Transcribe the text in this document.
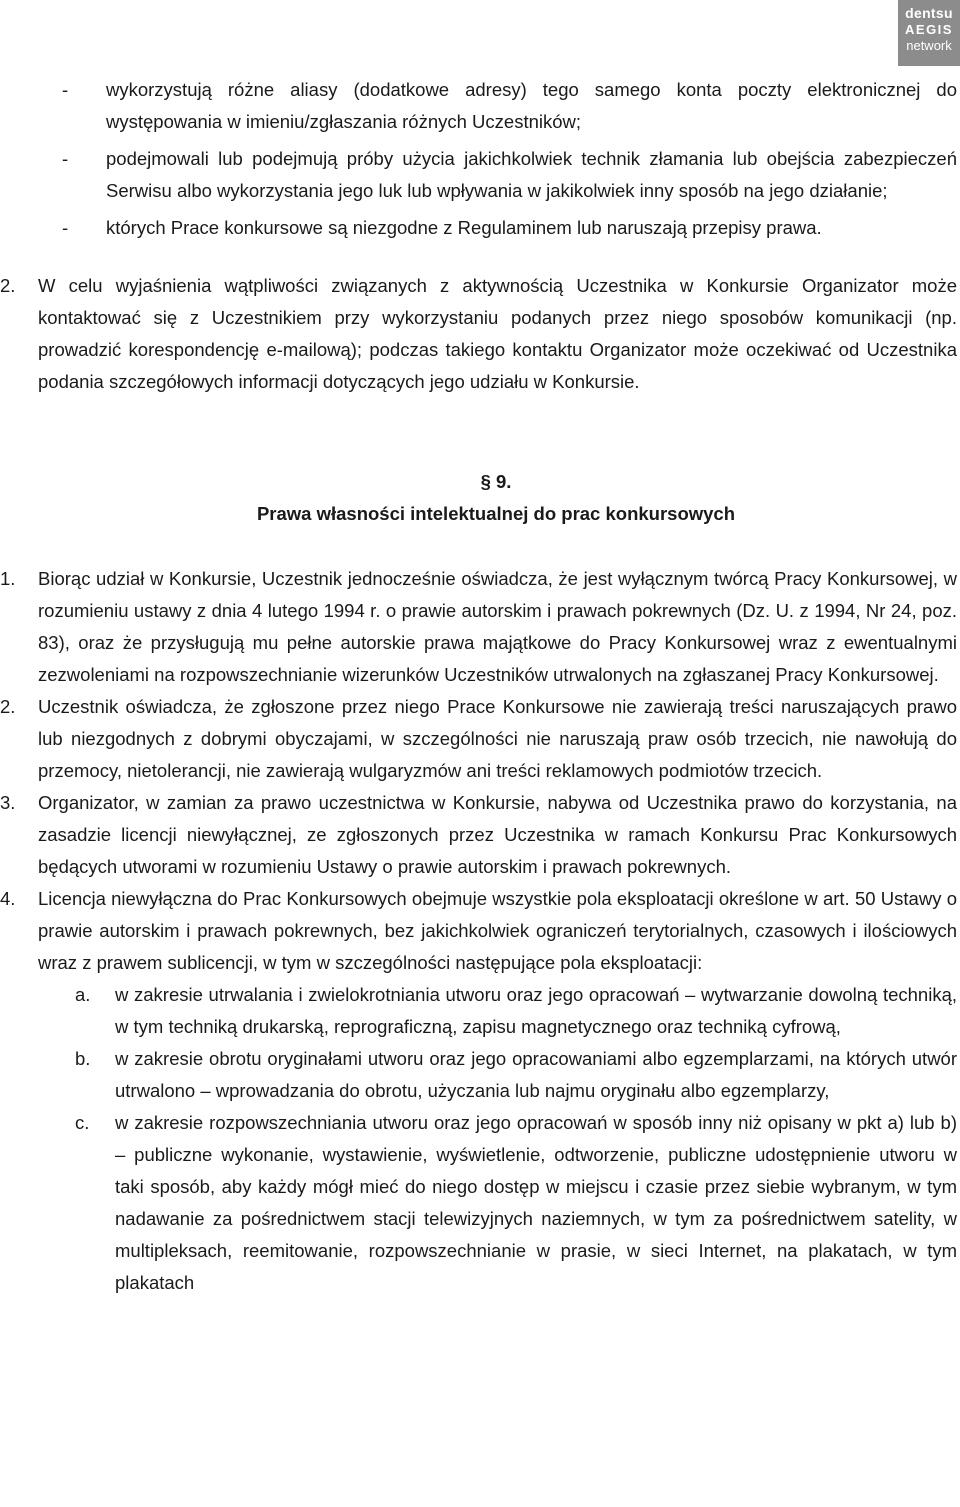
dentsu
AEGIS
network
-	wykorzystują różne aliasy (dodatkowe adresy) tego samego konta poczty elektronicznej do występowania w imieniu/zgłaszania różnych Uczestników;
-	podejmowali lub podejmują próby użycia jakichkolwiek technik złamania lub obejścia zabezpieczeń Serwisu albo wykorzystania jego luk lub wpływania w jakikolwiek inny sposób na jego działanie;
-	których Prace konkursowe są niezgodne z Regulaminem lub naruszają przepisy prawa.
2.	W celu wyjaśnienia wątpliwości związanych z aktywnością Uczestnika w Konkursie Organizator może kontaktować się z Uczestnikiem przy wykorzystaniu podanych przez niego sposobów komunikacji (np. prowadzić korespondencję e-mailową); podczas takiego kontaktu Organizator może oczekiwać od Uczestnika podania szczegółowych informacji dotyczących jego udziału w Konkursie.
§ 9.
Prawa własności intelektualnej do prac konkursowych
1.	Biorąc udział w Konkursie, Uczestnik jednocześnie oświadcza, że jest wyłącznym twórcą Pracy Konkursowej, w rozumieniu ustawy z dnia 4 lutego 1994 r. o prawie autorskim i prawach pokrewnych (Dz. U. z 1994, Nr 24, poz. 83), oraz że przysługują mu pełne autorskie prawa majątkowe do Pracy Konkursowej wraz z ewentualnymi zezwoleniami na rozpowszechnianie wizerunków Uczestników utrwalonych na zgłaszanej Pracy Konkursowej.
2.	Uczestnik oświadcza, że zgłoszone przez niego Prace Konkursowe nie zawierają treści naruszających prawo lub niezgodnych z dobrymi obyczajami, w szczególności nie naruszają praw osób trzecich, nie nawołują do przemocy, nietolerancji, nie zawierają wulgaryzmów ani treści reklamowych podmiotów trzecich.
3.	Organizator, w zamian za prawo uczestnictwa w Konkursie, nabywa od Uczestnika prawo do korzystania, na zasadzie licencji niewyłącznej, ze zgłoszonych przez Uczestnika w ramach Konkursu Prac Konkursowych będących utworami w rozumieniu Ustawy o prawie autorskim i prawach pokrewnych.
4.	Licencja niewyłączna do Prac Konkursowych obejmuje wszystkie pola eksploatacji określone w art. 50 Ustawy o prawie autorskim i prawach pokrewnych, bez jakichkolwiek ograniczeń terytorialnych, czasowych i ilościowych wraz z prawem sublicencji, w tym w szczególności następujące pola eksploatacji:
a.	w zakresie utrwalania i zwielokrotniania utworu oraz jego opracowań – wytwarzanie dowolną techniką, w tym techniką drukarską, reprograficzną, zapisu magnetycznego oraz techniką cyfrową,
b.	w zakresie obrotu oryginałami utworu oraz jego opracowaniami albo egzemplarzami, na których utwór utrwalono – wprowadzania do obrotu, użyczania lub najmu oryginału albo egzemplarzy,
c.	w zakresie rozpowszechniania utworu oraz jego opracowań w sposób inny niż opisany w pkt a) lub b) – publiczne wykonanie, wystawienie, wyświetlenie, odtworzenie, publiczne udostępnienie utworu w taki sposób, aby każdy mógł mieć do niego dostęp w miejscu i czasie przez siebie wybranym, w tym nadawanie za pośrednictwem stacji telewizyjnych naziemnych, w tym za pośrednictwem satelity, w multipleksach, reemitowanie, rozpowszechnianie w prasie, w sieci Internet, na plakatach, w tym plakatach
